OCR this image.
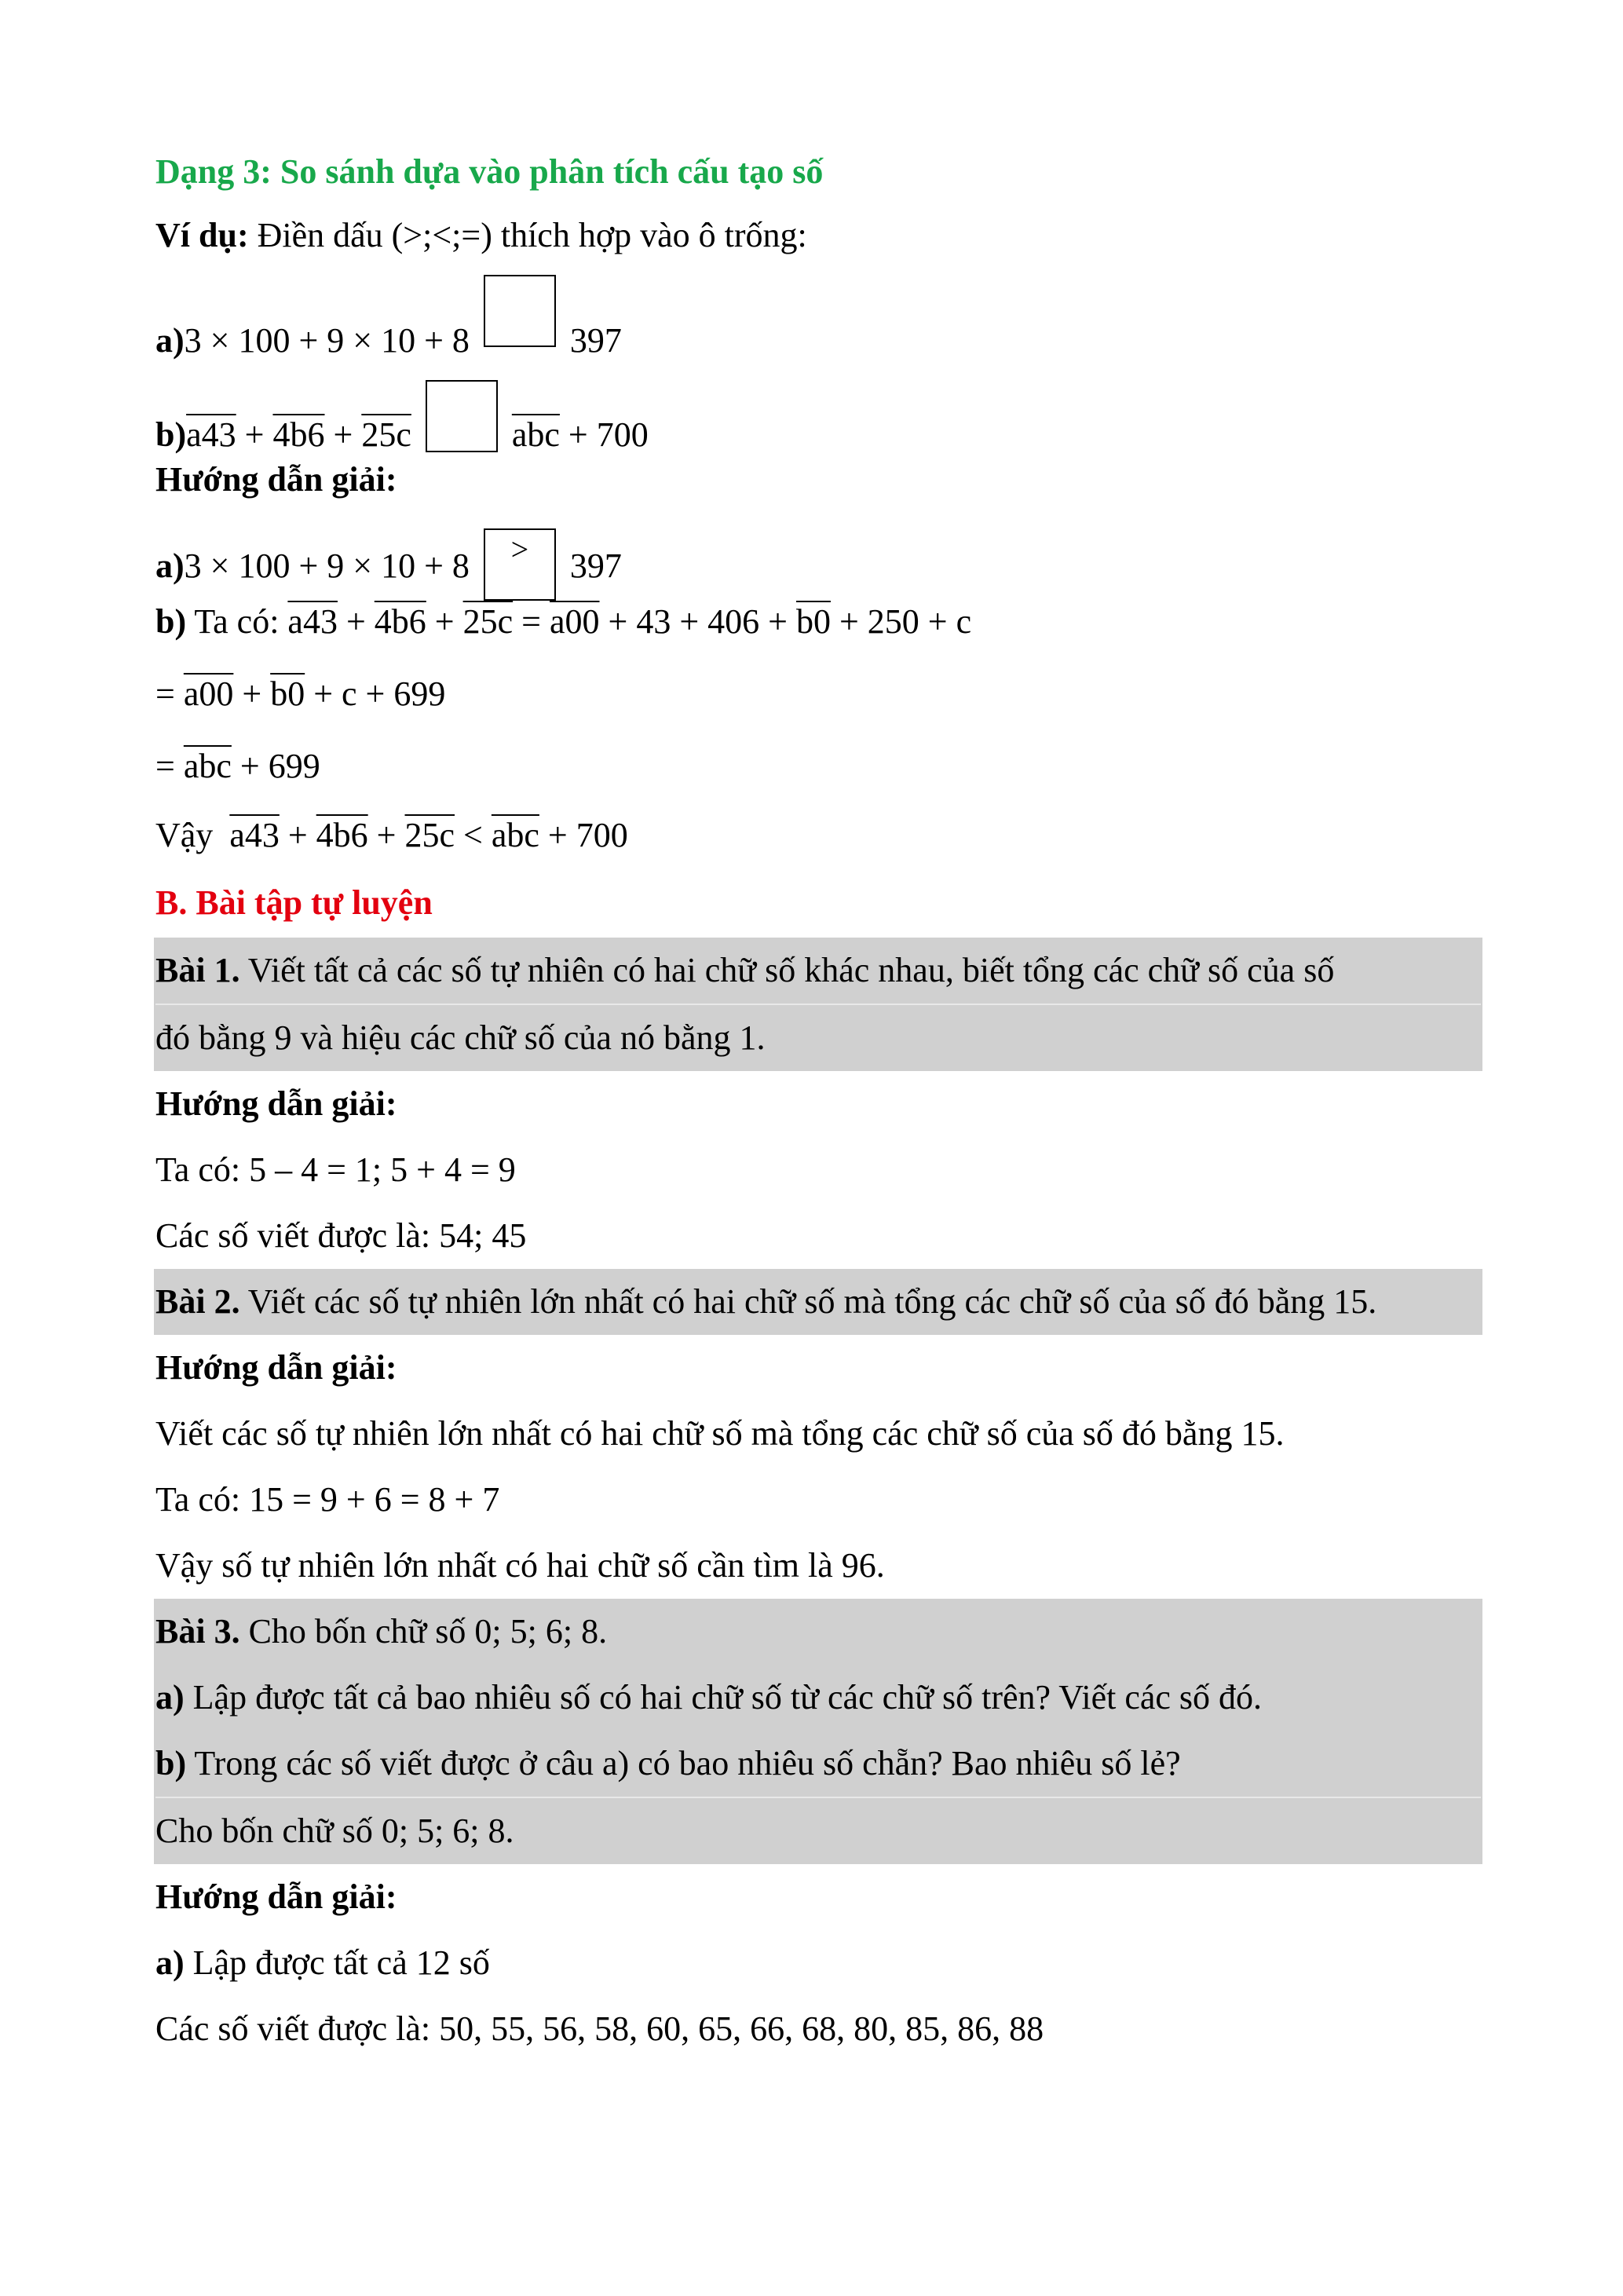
Dạng 3: So sánh dựa vào phân tích cấu tạo số
Ví dụ: Điền dấu (>;<;=) thích hợp vào ô trống:
a)3 × 100 + 9 × 10 + 8	397
b)a43 + 4b6 + 25c	$\overline{abc} + 700$
Hướng dẫn giải:
a)3 × 100 + 9 × 10 + 8 > 397
b) Ta có: a43 + 4b6 + 25c = a00 + 43 + 406 + b0 + 250 + c
= a00 + b0 + c + 699
= $\overline{abc} + 699$
Vậy $a43 + 4b6 + 25c < \overline{abc} + 700$
B. Bài tập tự luyện
Bài 1. Viết tất cả các số tự nhiên có hai chữ số khác nhau, biết tổng các chữ số của số
đó bằng 9 và hiệu các chữ số của nó bằng 1.
Hướng dẫn giải:
Ta có: 5 – 4 = 1; 5 + 4 = 9
Các số viết được là: 54; 45
Bài 2. Viết các số tự nhiên lớn nhất có hai chữ số mà tổng các chữ số của số đó bằng 15.
Hướng dẫn giải:
Viết các số tự nhiên lớn nhất có hai chữ số mà tổng các chữ số của số đó bằng 15.
Ta có: 15 = 9 + 6 = 8 + 7
Vậy số tự nhiên lớn nhất có hai chữ số cần tìm là 96.
Bài 3. Cho bốn chữ số 0; 5; 6; 8.
a) Lập được tất cả bao nhiêu số có hai chữ số từ các chữ số trên? Viết các số đó.
b) Trong các số viết được ở câu a) có bao nhiêu số chẵn? Bao nhiêu số lẻ?
Cho bốn chữ số 0; 5; 6; 8.
Hướng dẫn giải:
a) Lập được tất cả 12 số
Các số viết được là: 50, 55, 56, 58, 60, 65, 66, 68, 80, 85, 86, 88
